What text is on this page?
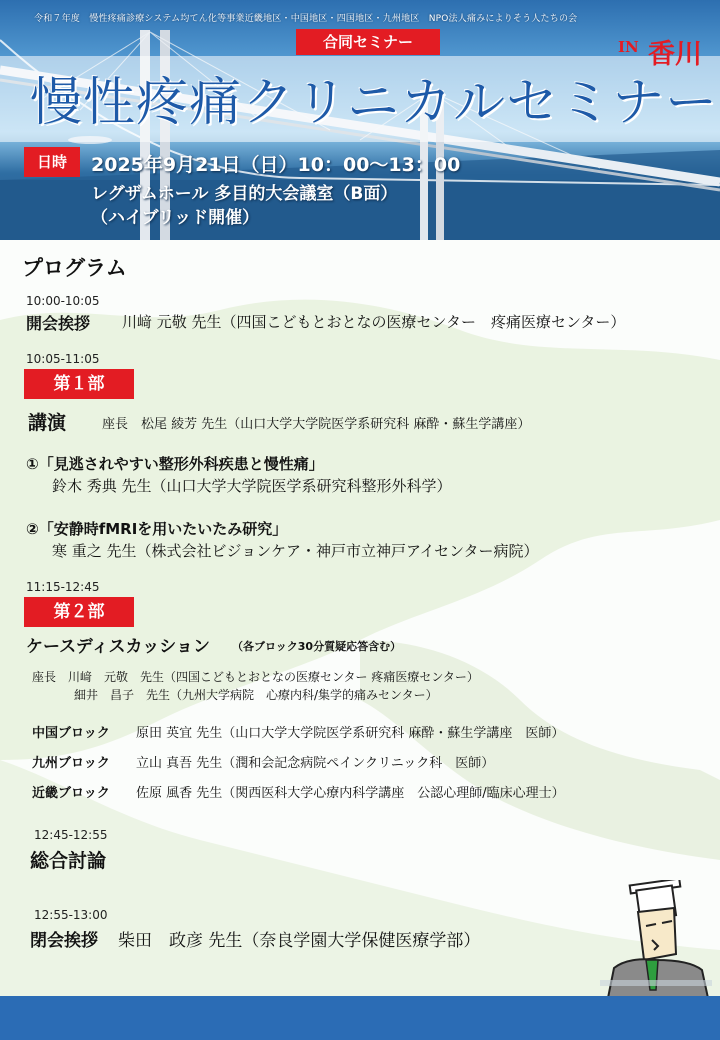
令和７年度　慢性疼痛診療システム均てん化等事業近畿地区・中国地区・四国地区・九州地区　NPO法人痛みによりそう人たちの会
合同セミナー	IN 香川
慢性疼痛クリニカルセミナー
日時	2025年9月21日（日）10：00～13：00
レグザムホール 多目的大会議室（B面）
（ハイブリッド開催）
プログラム
10:00-10:05
開会挨拶 川﨑 元敬 先生（四国こどもとおとなの医療センター　疼痛医療センター）
10:05-11:05
第１部
講演	座長　松尾 綾芳 先生（山口大学大学院医学系研究科 麻酔・蘇生学講座）
①「見逃されやすい整形外科疾患と慢性痛」
鈴木 秀典 先生（山口大学大学院医学系研究科整形外科学）
②「安静時fMRIを用いたいたみ研究」
寒 重之 先生（株式会社ビジョンケア・神戸市立神戸アイセンター病院）
11:15-12:45
第２部
ケースディスカッション （各ブロック30分質疑応答含む）
座長　川﨑　元敬　先生（四国こどもとおとなの医療センター 疼痛医療センター）
細井　昌子　先生（九州大学病院　心療内科/集学的痛みセンター）
中国ブロック 原田 英宜 先生（山口大学大学院医学系研究科 麻酔・蘇生学講座　医師）
九州ブロック 立山 真吾 先生（潤和会記念病院ペインクリニック科　医師）
近畿ブロック 佐原 風香 先生（関西医科大学心療内科学講座　公認心理師/臨床心理士）
12:45-12:55
総合討論
12:55-13:00
閉会挨拶 柴田　政彦 先生（奈良学園大学保健医療学部）
